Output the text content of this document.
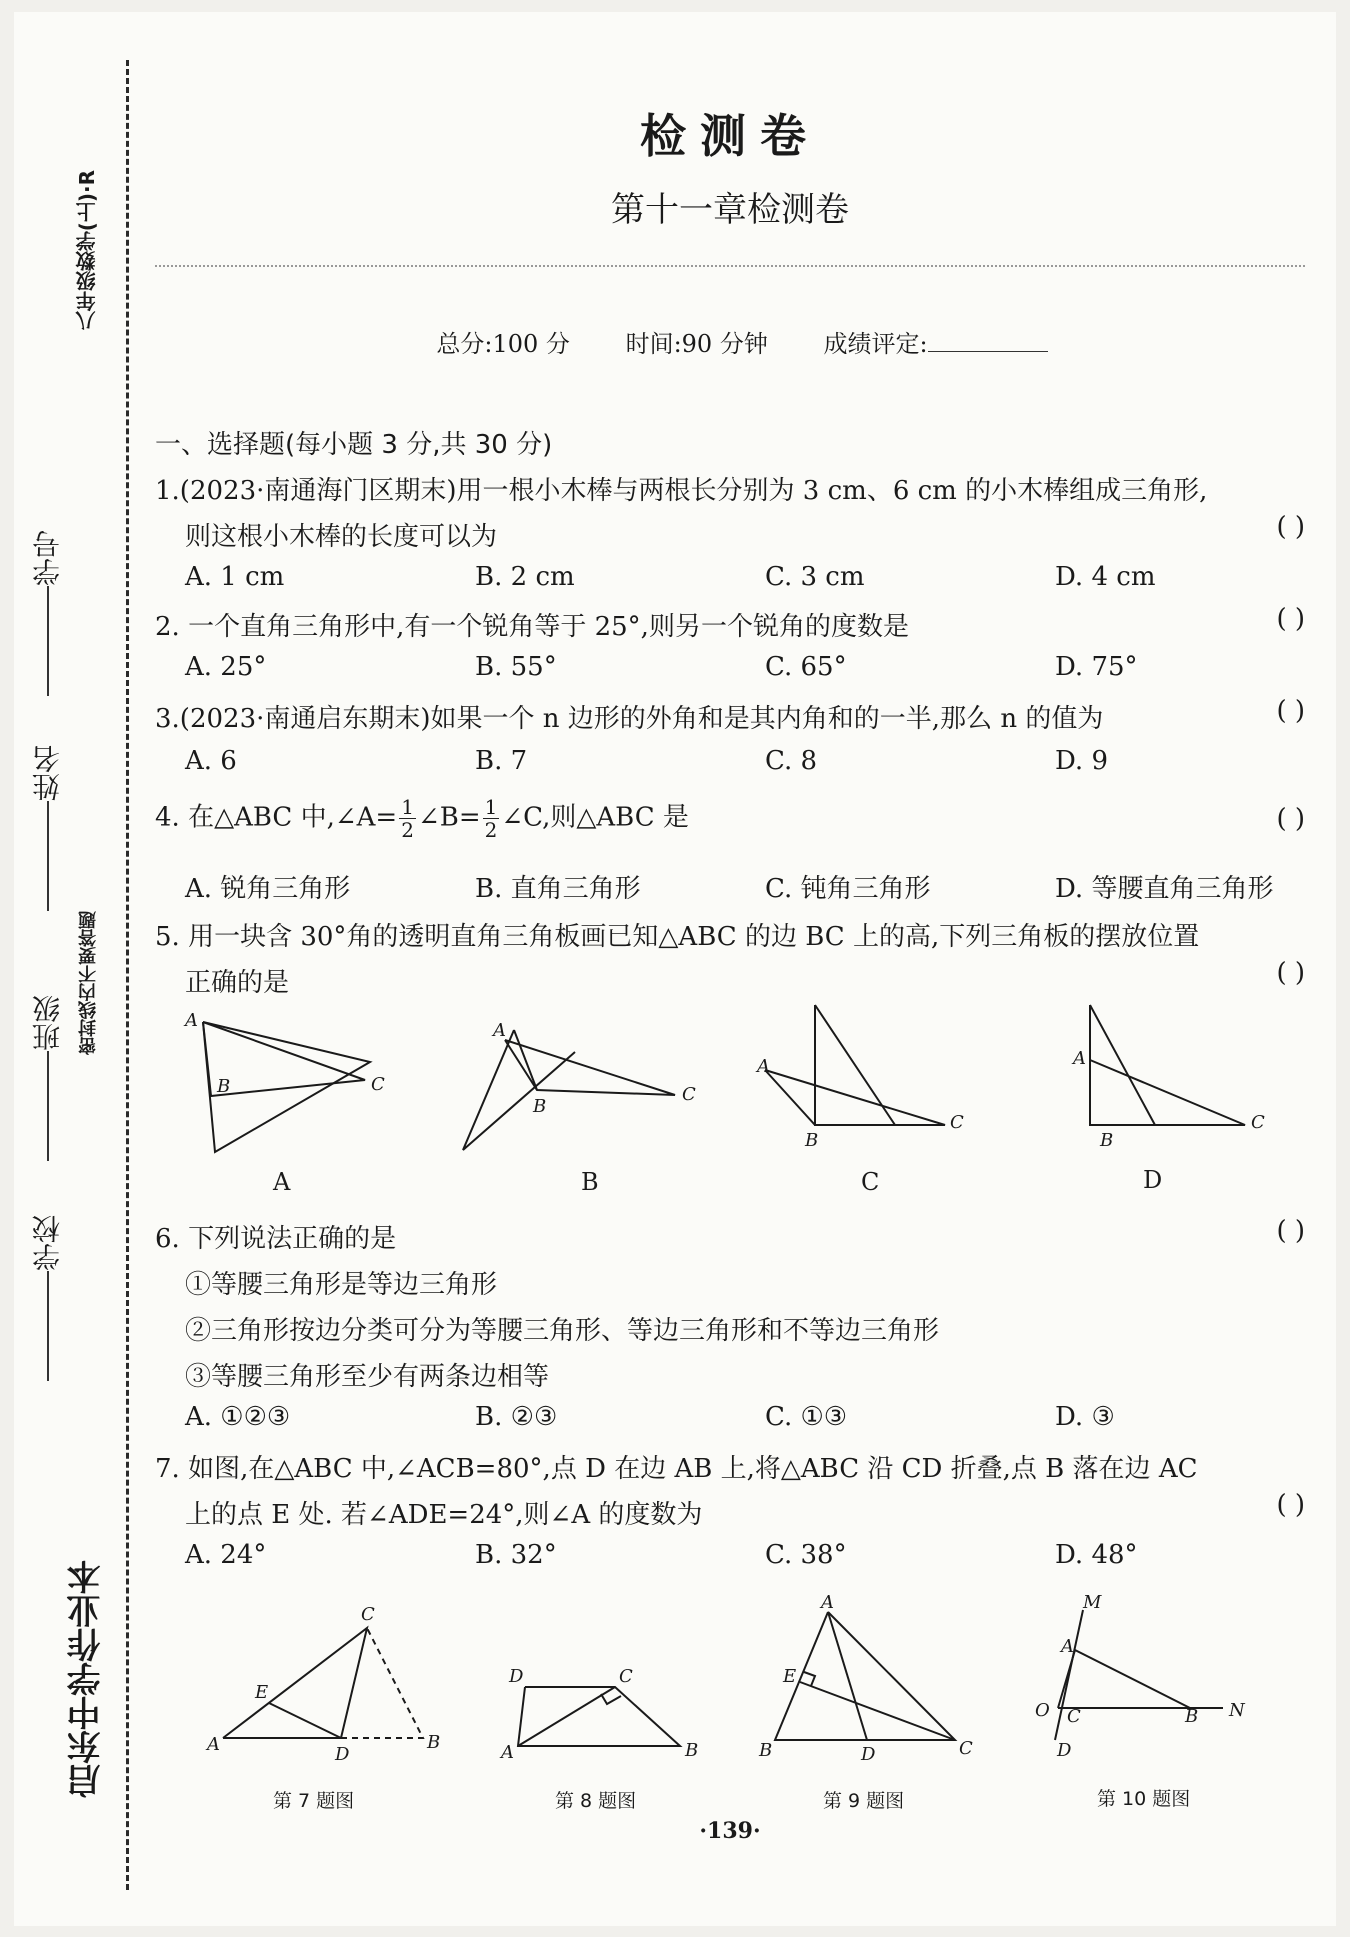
八年级数学(上)·R
密封线内不要答题
学号
姓名
班级
学校
启东中学作业本
检测卷
第十一章检测卷
总分:100 分 时间:90 分钟 成绩评定:
一、选择题(每小题 3 分,共 30 分)
1.(2023·南通海门区期末)用一根小木棒与两根长分别为 3 cm、6 cm 的小木棒组成三角形,
则这根小木棒的长度可以为	( )
A. 1 cm	B. 2 cm	C. 3 cm	D. 4 cm
2. 一个直角三角形中,有一个锐角等于 25°,则另一个锐角的度数是	( )
A. 25°	B. 55°	C. 65°	D. 75°
3.(2023·南通启东期末)如果一个 n 边形的外角和是其内角和的一半,那么 n 的值为	( )
A. 6	B. 7	C. 8	D. 9
4. 在△ABC 中,∠A= $\frac{1}{2}$ ∠B= $\frac{1}{2}$ ∠C,则△ABC 是	( )
A. 锐角三角形	B. 直角三角形	C. 钝角三角形	D. 等腰直角三角形
5. 用一块含 30°角的透明直角三角板画已知△ABC 的边 BC 上的高,下列三角板的摆放位置
正确的是	( )
A
B	C
A
B
C
A
B
C
A
B
C
A	B	C	D
6. 下列说法正确的是	( )
①等腰三角形是等边三角形
②三角形按边分类可分为等腰三角形、等边三角形和不等边三角形
③等腰三角形至少有两条边相等
A. ①②③	B. ②③	C. ①③	D. ③
7. 如图,在△ABC 中,∠ACB=80°,点 D 在边 AB 上,将△ABC 沿 CD 折叠,点 B 落在边 AC
上的点 E 处. 若∠ADE=24°,则∠A 的度数为	( )
A. 24°	B. 32°	C. 38°	D. 48°
C
E
A	D
B
D	C
A	B
A
E
B	D	C
M
A
O C	B N
D
第 7 题图	第 8 题图	第 9 题图	第 10 题图
·139·
